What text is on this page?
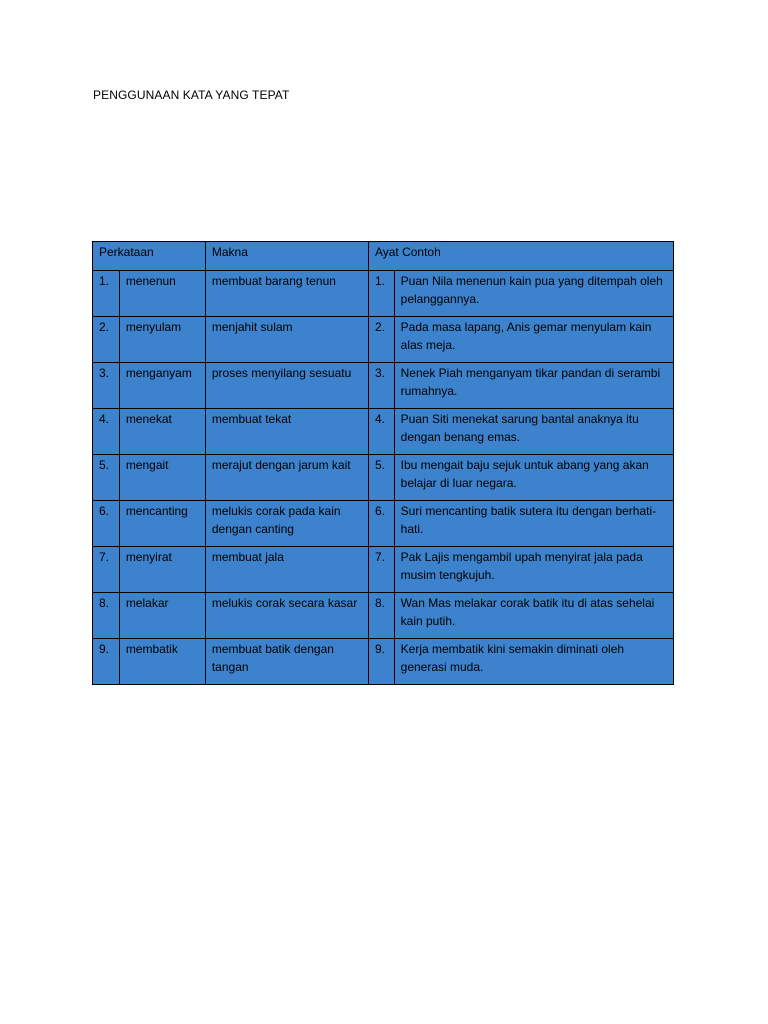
PENGGUNAAN KATA YANG TEPAT
Perkataan		Makna	Ayat Contoh	
1.	menenun	membuat barang tenun	1.	Puan Nila menenun kain pua yang ditempah oleh pelanggannya.
2.	menyulam	menjahit sulam	2.	Pada masa lapang, Anis gemar menyulam kain alas meja.
3.	menganyam	proses menyilang sesuatu	3.	Nenek Piah menganyam tikar pandan di serambi rumahnya.
4.	menekat	membuat tekat	4.	Puan Siti menekat sarung bantal anaknya itu dengan benang emas.
5.	mengait	merajut dengan jarum kait	5.	Ibu mengait baju sejuk untuk abang yang akan belajar di luar negara.
6.	mencanting	melukis corak pada kain dengan canting	6.	Suri mencanting batik sutera itu dengan berhati-hati.
7.	menyirat	membuat jala	7.	Pak Lajis mengambil upah menyirat jala pada musim tengkujuh.
8.	melakar	melukis corak secara kasar	8.	Wan Mas melakar corak batik itu di atas sehelai kain putih.
9.	membatik	membuat batik dengan tangan	9.	Kerja membatik kini semakin diminati oleh generasi muda.
